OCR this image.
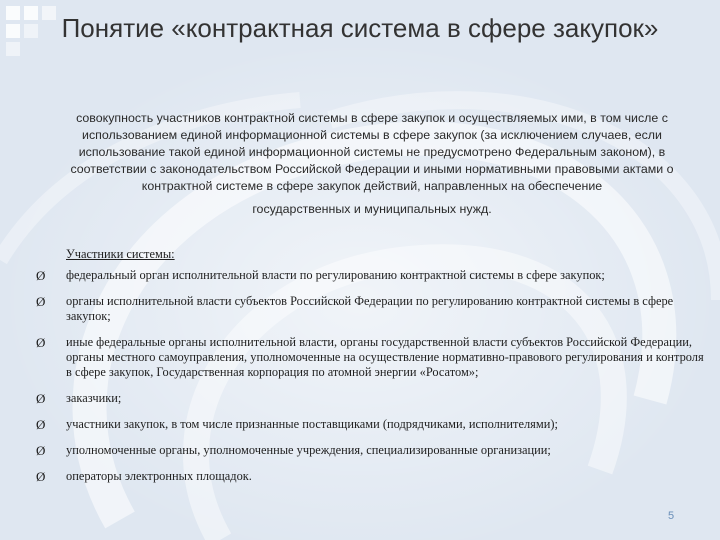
Понятие «контрактная система в сфере закупок»
совокупность участников контрактной системы в сфере закупок и осуществляемых ими, в том числе с использованием единой информационной системы в сфере закупок (за исключением случаев, если использование такой единой информационной системы не предусмотрено Федеральным законом), в соответствии с законодательством Российской Федерации и иными нормативными правовыми актами о контрактной системе в сфере закупок действий, направленных на обеспечение
государственных и муниципальных нужд.
Участники системы:
Ø федеральный орган исполнительной власти по регулированию контрактной системы в сфере закупок;
Ø органы исполнительной власти субъектов Российской Федерации по регулированию контрактной системы в сфере закупок;
Ø иные федеральные органы исполнительной власти, органы государственной власти субъектов Российской Федерации, органы местного самоуправления, уполномоченные на осуществление нормативно-правового регулирования и контроля в сфере закупок, Государственная корпорация по атомной энергии «Росатом»;
Ø заказчики;
Ø участники закупок, в том числе признанные поставщиками (подрядчиками, исполнителями);
Ø уполномоченные органы, уполномоченные учреждения, специализированные организации;
Ø операторы электронных площадок.
5
